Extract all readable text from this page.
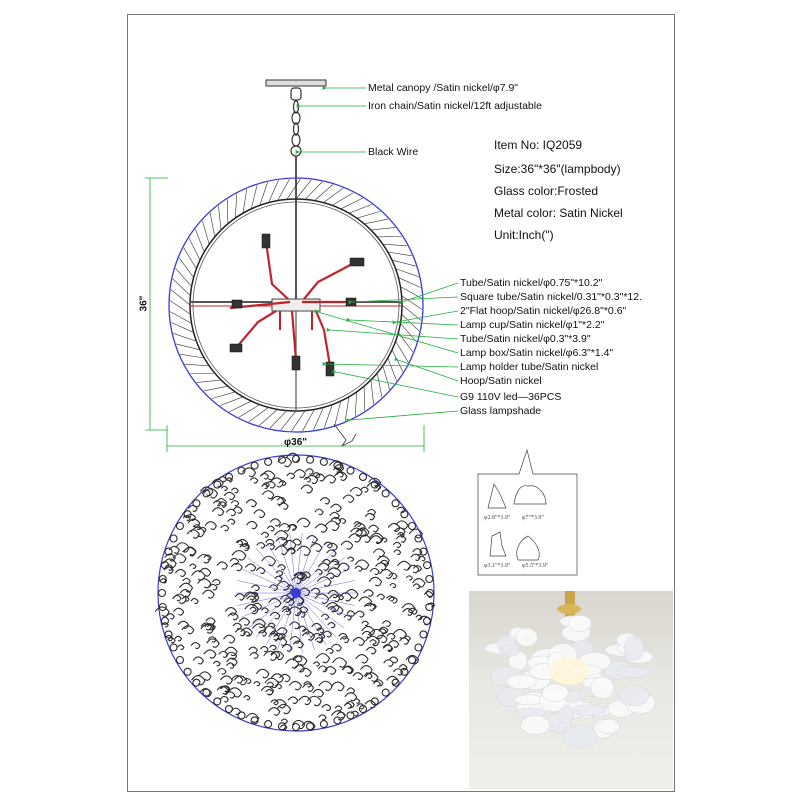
Metal canopy /Satin nickel/φ7.9"
Iron chain/Satin nickel/12ft adjustable
Black Wire	Item No: IQ2059
Size:36"*36"(lampbody)
Glass color:Frosted
Metal color: Satin Nickel
Unit:Inch(")
Tube/Satin nickel/φ0.75"*10.2"
Square tube/Satin nickel/0.31"*0.3"*12.
2"Flat hoop/Satin nickel/φ26.8"*0.6"
Lamp cup/Satin nickel/φ1"*2.2"
Tube/Satin nickel/φ0.3"*3.9"
Lamp box/Satin nickel/φ6.3"*1.4"
Lamp holder tube/Satin nickel
Hoop/Satin nickel
G9 110V led—36PCS
Glass lampshade
36"
φ36"
φ2.8"*3.9" φ7"*3.9"
φ3.1"*3.9" φ5.5"*3.9"
